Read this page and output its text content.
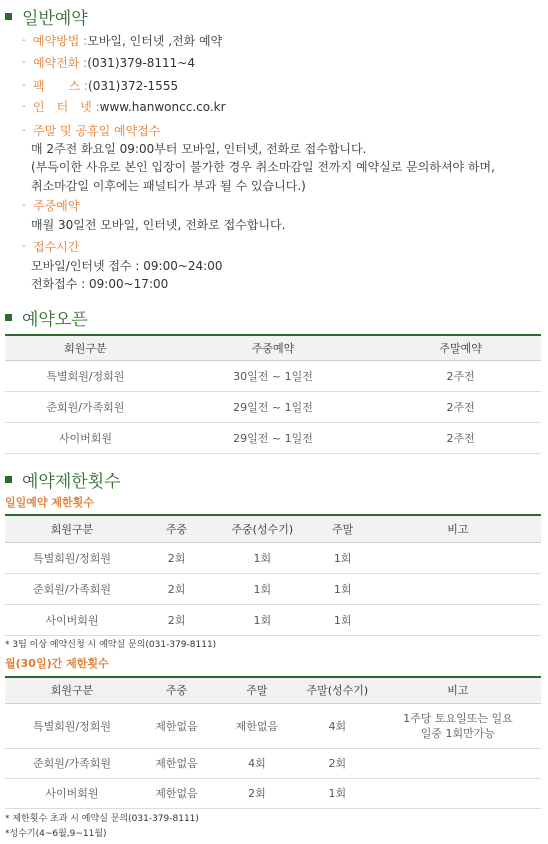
일반예약
- 예약방법 : 모바일, 인터넷 ,전화 예약
- 예약전화 : (031)379-8111~4
- 팩　　스 : (031)372-1555
- 인　터　넷 : www.hanwoncc.co.kr
- 주말 및 공휴일 예약접수
매 2주전 화요일 09:00부터 모바일, 인터넷, 전화로 접수합니다.
(부득이한 사유로 본인 입장이 불가한 경우 취소마감일 전까지 예약실로 문의하셔야 하며,
취소마감일 이후에는 패널티가 부과 될 수 있습니다.)
- 주중예약
매월 30일전 모바일, 인터넷, 전화로 접수합니다.
- 접수시간
모바일/인터넷 접수 : 09:00~24:00
전화접수 : 09:00~17:00
예약오픈
회원구분	주중예약	주말예약
특별회원/정회원	30일전 ~ 1일전	2주전
준회원/가족회원	29일전 ~ 1일전	2주전
사이버회원	29일전 ~ 1일전	2주전
예약제한횟수
일일예약 제한횟수
회원구분	주중	주중(성수기)	주말	비고
특별회원/정회원	2회	1회	1회	
준회원/가족회원	2회	1회	1회	
사이버회원	2회	1회	1회	
* 3팀 이상 예약신청 시 예약실 문의(031-379-8111)
월(30일)간 제한횟수
회원구분	주중	주말	주말(성수기)	비고
특별회원/정회원	제한없음	제한없음	4회	1주당 토요일또는 일요일중 1회만가능
준회원/가족회원	제한없음	4회	2회	
사이버회원	제한없음	2회	1회	
* 제한횟수 초과 시 예약실 문의(031-379-8111)
*성수기(4~6월,9~11월)
